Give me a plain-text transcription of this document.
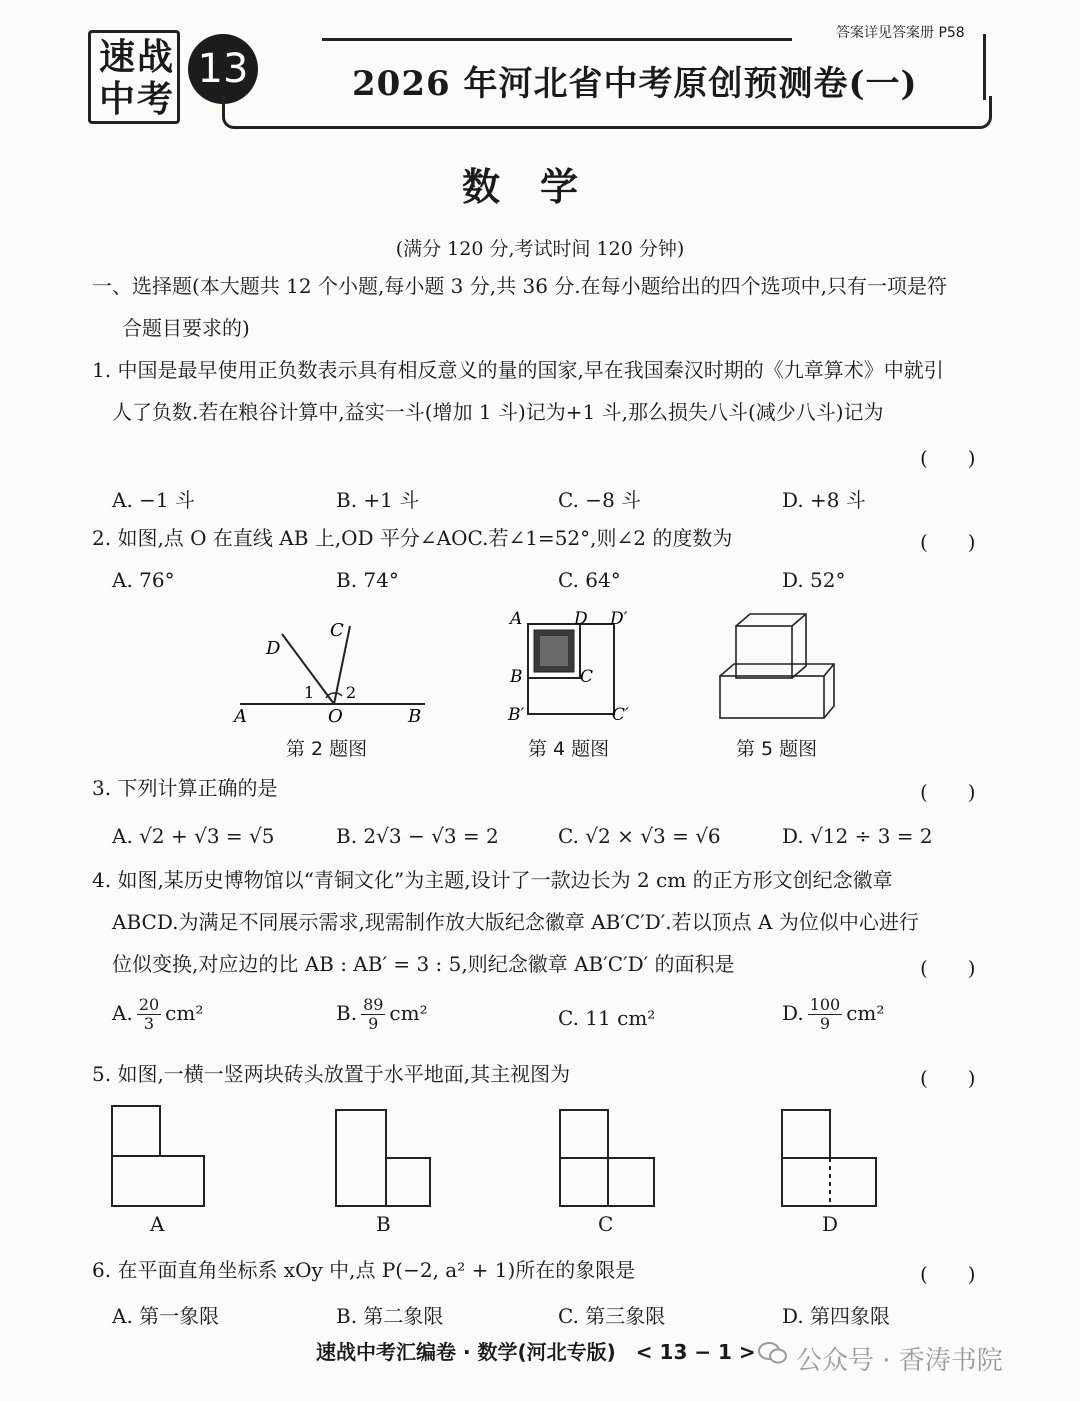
速战
中考
13
答案详见答案册 P58
2026 年河北省中考原创预测卷(一)
数学
(满分 120 分,考试时间 120 分钟)
一、选择题(本大题共 12 个小题,每小题 3 分,共 36 分.在每小题给出的四个选项中,只有一项是符
合题目要求的)
1. 中国是最早使用正负数表示具有相反意义的量的国家,早在我国秦汉时期的《九章算术》中就引
人了负数.若在粮谷计算中,益实一斗(增加 1 斗)记为+1 斗,那么损失八斗(减少八斗)记为
(　　)
A. −1 斗	B. +1 斗	C. −8 斗	D. +8 斗
2. 如图,点 O 在直线 AB 上,OD 平分∠AOC.若∠1=52°,则∠2 的度数为	(　　)
A. 76°	B. 74°	C. 64°	D. 52°
D
C
1 2
A	O	B
第 2 题图
A	D D′
B	C
B′	C′
第 4 题图	第 5 题图
3. 下列计算正确的是	(　　)
A. √2 + √3 = √5	B. 2√3 − √3 = 2	C. √2 × √3 = √6	D. √12 ÷ 3 = 2
4. 如图,某历史博物馆以“青铜文化”为主题,设计了一款边长为 2 cm 的正方形文创纪念徽章
ABCD.为满足不同展示需求,现需制作放大版纪念徽章 AB′C′D′.若以顶点 A 为位似中心进行
位似变换,对应边的比 AB : AB′ = 3 : 5,则纪念徽章 AB′C′D′ 的面积是	(　　)
A. $\frac{20}{3} cm^2$	B. $\frac{89}{9} cm^2$	C. 11 cm²	D. $\frac{100}{9} cm^2$
5. 如图,一横一竖两块砖头放置于水平地面,其主视图为	(　　)
A	B	C	D
6. 在平面直角坐标系 xOy 中,点 P(−2, a² + 1)所在的象限是	(　　)
A. 第一象限	B. 第二象限	C. 第三象限	D. 第四象限
速战中考汇编卷 · 数学(河北专版)　< 13 − 1 > 公众号 · 香涛书院
